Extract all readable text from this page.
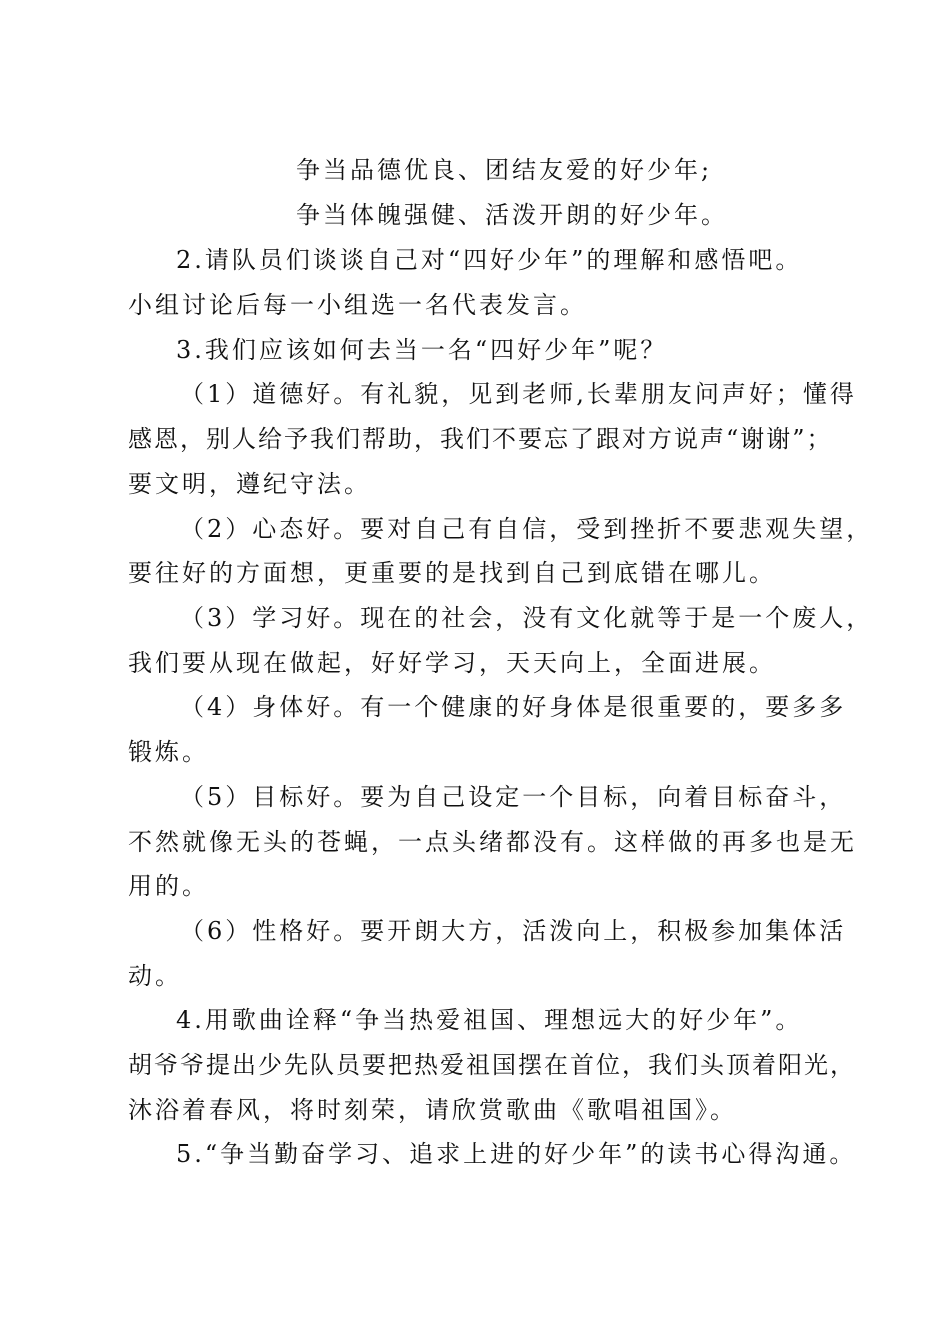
争当品德优良、团结友爱的好少年;
争当体魄强健、活泼开朗的好少年。
2.请队员们谈谈自己对“四好少年”的理解和感悟吧。
小组讨论后每一小组选一名代表发言。
3.我们应该如何去当一名“四好少年”呢？
（1）道德好。有礼貌，见到老师,长辈朋友问声好；懂得
感恩，别人给予我们帮助，我们不要忘了跟对方说声“谢谢”；
要文明，遵纪守法。
（2）心态好。要对自己有自信，受到挫折不要悲观失望，
要往好的方面想，更重要的是找到自己到底错在哪儿。
（3）学习好。现在的社会，没有文化就等于是一个废人，
我们要从现在做起，好好学习，天天向上，全面进展。
（4）身体好。有一个健康的好身体是很重要的，要多多
锻炼。
（5）目标好。要为自己设定一个目标，向着目标奋斗，
不然就像无头的苍蝇，一点头绪都没有。这样做的再多也是无
用的。
（6）性格好。要开朗大方，活泼向上，积极参加集体活
动。
4.用歌曲诠释“争当热爱祖国、理想远大的好少年”。
胡爷爷提出少先队员要把热爱祖国摆在首位，我们头顶着阳光，
沐浴着春风，将时刻荣，请欣赏歌曲《歌唱祖国》。
5.“争当勤奋学习、追求上进的好少年”的读书心得沟通。
